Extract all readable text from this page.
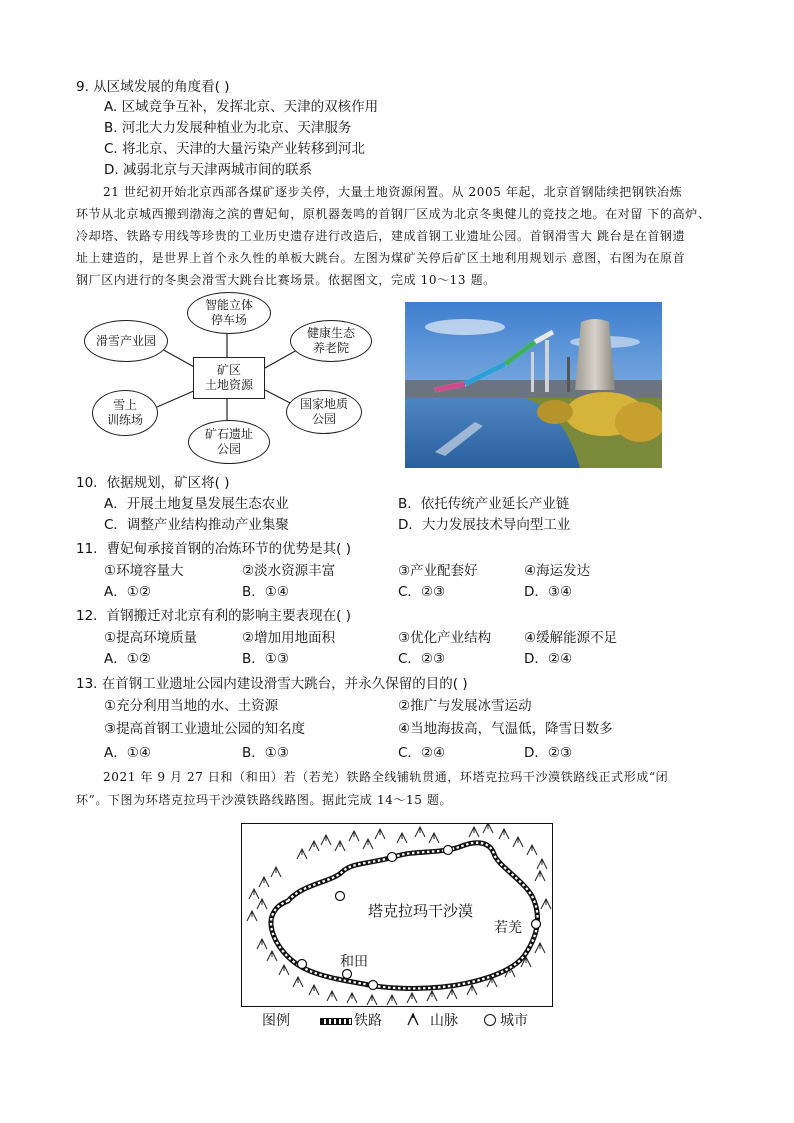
9. 从区域发展的角度看( )
A. 区域竞争互补，发挥北京、天津的双核作用
B. 河北大力发展种植业为北京、天津服务
C. 将北京、天津的大量污染产业转移到河北
D. 减弱北京与天津两城市间的联系
21 世纪初开始北京西部各煤矿逐步关停，大量土地资源闲置。从 2005 年起，北京首钢陆续把钢铁冶炼
环节从北京城西搬到渤海之滨的曹妃甸，原机器轰鸣的首钢厂区成为北京冬奥健儿的竞技之地。在对留 下的高炉、
冷却塔、铁路专用线等珍贵的工业历史遗存进行改造后，建成首钢工业遗址公园。首钢滑雪大 跳台是在首钢遗
址上建造的，是世界上首个永久性的单板大跳台。左图为煤矿关停后矿区土地利用规划示 意图，右图为在原首
钢厂区内进行的冬奥会滑雪大跳台比赛场景。依据图文，完成 10～13 题。
智能立体
停车场
滑雪产业园
健康生态
养老院
矿区
土地资源
雪上
训练场
国家地质
公园
矿石遗址
公园
10．依据规划，矿区将( )
A．开展土地复垦发展生态农业	B．依托传统产业延长产业链
C．调整产业结构推动产业集聚	D．大力发展技术导向型工业
11．曹妃甸承接首钢的冶炼环节的优势是其( )
①环境容量大	②淡水资源丰富	③产业配套好	④海运发达
A．①②	B．①④	C．②③	D．③④
12．首钢搬迁对北京有利的影响主要表现在( )
①提高环境质量	②增加用地面积	③优化产业结构 ④缓解能源不足
A．①②	B．①③	C．②③	D．②④
13. 在首钢工业遗址公园内建设滑雪大跳台，并永久保留的目的( )
①充分利用当地的水、土资源	②推广与发展冰雪运动
③提高首钢工业遗址公园的知名度	④当地海拔高，气温低，降雪日数多
A．①④	B．①③	C．②④	D．②③
2021 年 9 月 27 日和（和田）若（若羌）铁路全线铺轨贯通，环塔克拉玛干沙漠铁路线正式形成“闭
环”。下图为环塔克拉玛干沙漠铁路线路图。据此完成 14～15 题。
塔克拉玛干沙漠
和田
若羌
图例	铁路	山脉	城市
